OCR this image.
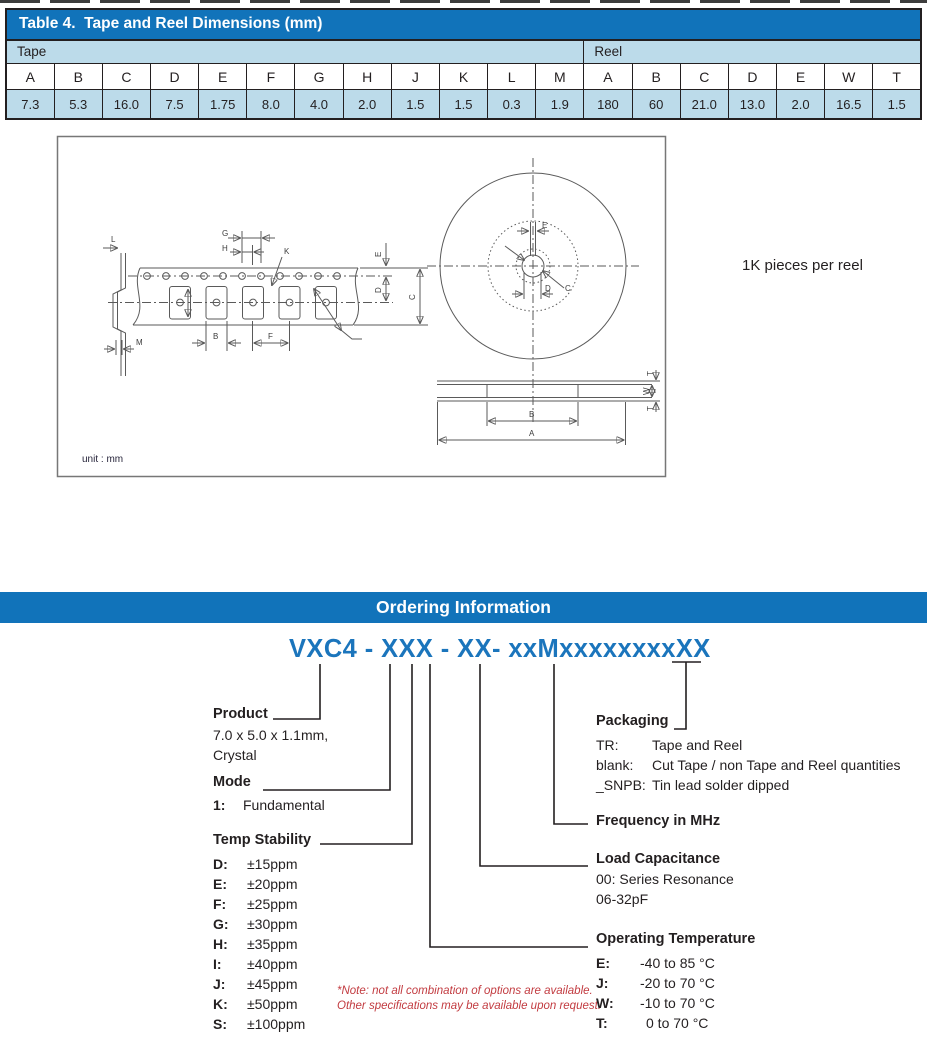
Table 4.  Tape and Reel Dimensions (mm)																		
Tape												Reel						
A	B	C	D	E	F	G	H	J	K	L	M	A	B	C	D	E	W	T
7.3	5.3	16.0	7.5	1.75	8.0	4.0	2.0	1.5	1.5	0.3	1.9	180	60	21.0	13.0	2.0	16.5	1.5
L
M
G
H	K	E
D
C
B	F
E
C
D
B
A
T
W
T
unit : mm
1K pieces per reel
Ordering Information
VXC4 - XXX - XX- xxMxxxxxxxxXX
Product
7.0 x 5.0 x 1.1mm,
Crystal
Mode
1:	Fundamental
Temp Stability
D:	±15ppm
E:	±20ppm
F:	±25ppm
G:	±30ppm
H:	±35ppm
I:	±40ppm
J:	±45ppm
K:	±50ppm
S:	±100ppm
*Note: not all combination of options are available.
Other specifications may be available upon request.
Packaging
TR:	Tape and Reel
blank:	Cut Tape / non Tape and Reel quantities
_SNPB: Tin lead solder dipped
Frequency in MHz
Load Capacitance
00: Series Resonance
06-32pF
Operating Temperature
E:	-40 to 85 °C
J:	-20 to 70 °C
W:	-10 to 70 °C
T:	0 to 70 °C
